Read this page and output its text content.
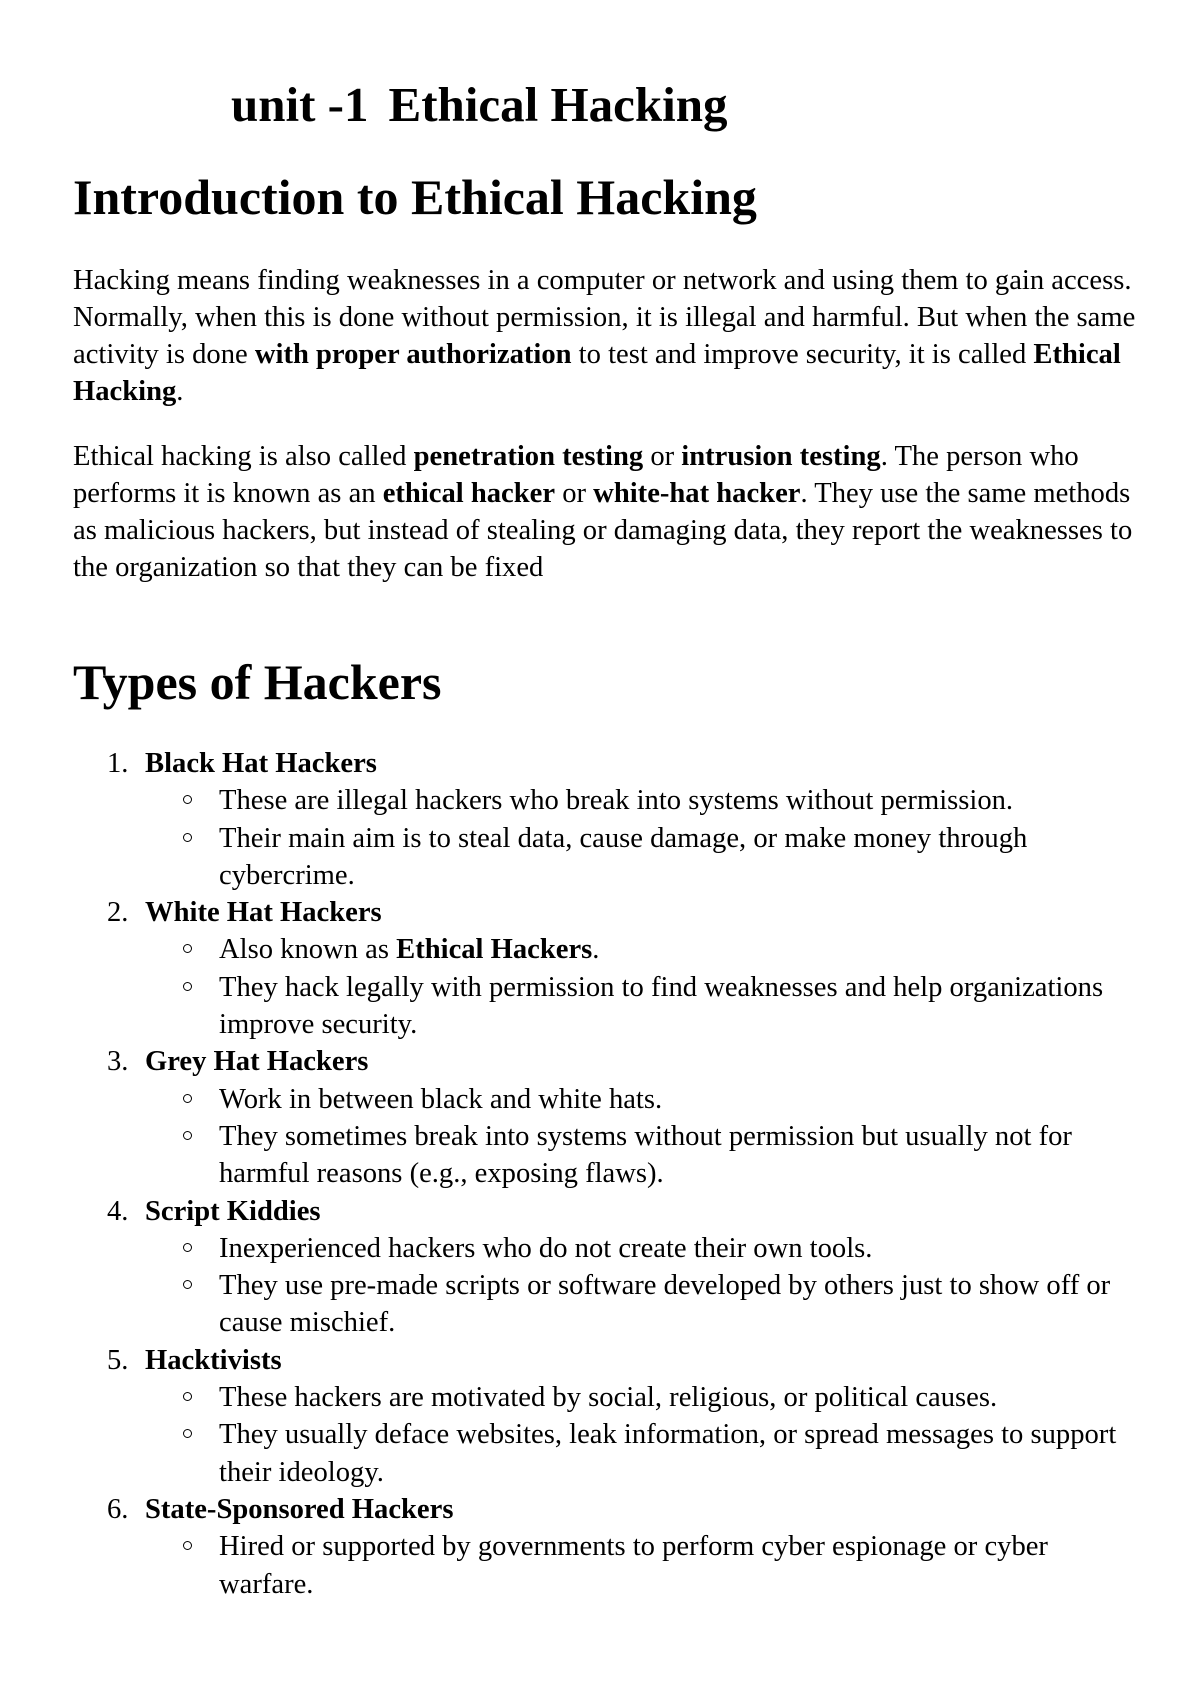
unit -1 Ethical Hacking
Introduction to Ethical Hacking

Hacking means finding weaknesses in a computer or network and using them to gain access. Normally, when this is done without permission, it is illegal and harmful. But when the same activity is done with proper authorization to test and improve security, it is called Ethical Hacking.

Ethical hacking is also called penetration testing or intrusion testing. The person who performs it is known as an ethical hacker or white-hat hacker. They use the same methods as malicious hackers, but instead of stealing or damaging data, they report the weaknesses to the organization so that they can be fixed

Types of Hackers
1. Black Hat Hackers
These are illegal hackers who break into systems without permission.
Their main aim is to steal data, cause damage, or make money through cybercrime.
2. White Hat Hackers
Also known as Ethical Hackers.
They hack legally with permission to find weaknesses and help organizations improve security.
3. Grey Hat Hackers
Work in between black and white hats.
They sometimes break into systems without permission but usually not for harmful reasons (e.g., exposing flaws).
4. Script Kiddies
Inexperienced hackers who do not create their own tools.
They use pre-made scripts or software developed by others just to show off or cause mischief.
5. Hacktivists
These hackers are motivated by social, religious, or political causes.
They usually deface websites, leak information, or spread messages to support their ideology.
6. State-Sponsored Hackers
Hired or supported by governments to perform cyber espionage or cyber warfare.
